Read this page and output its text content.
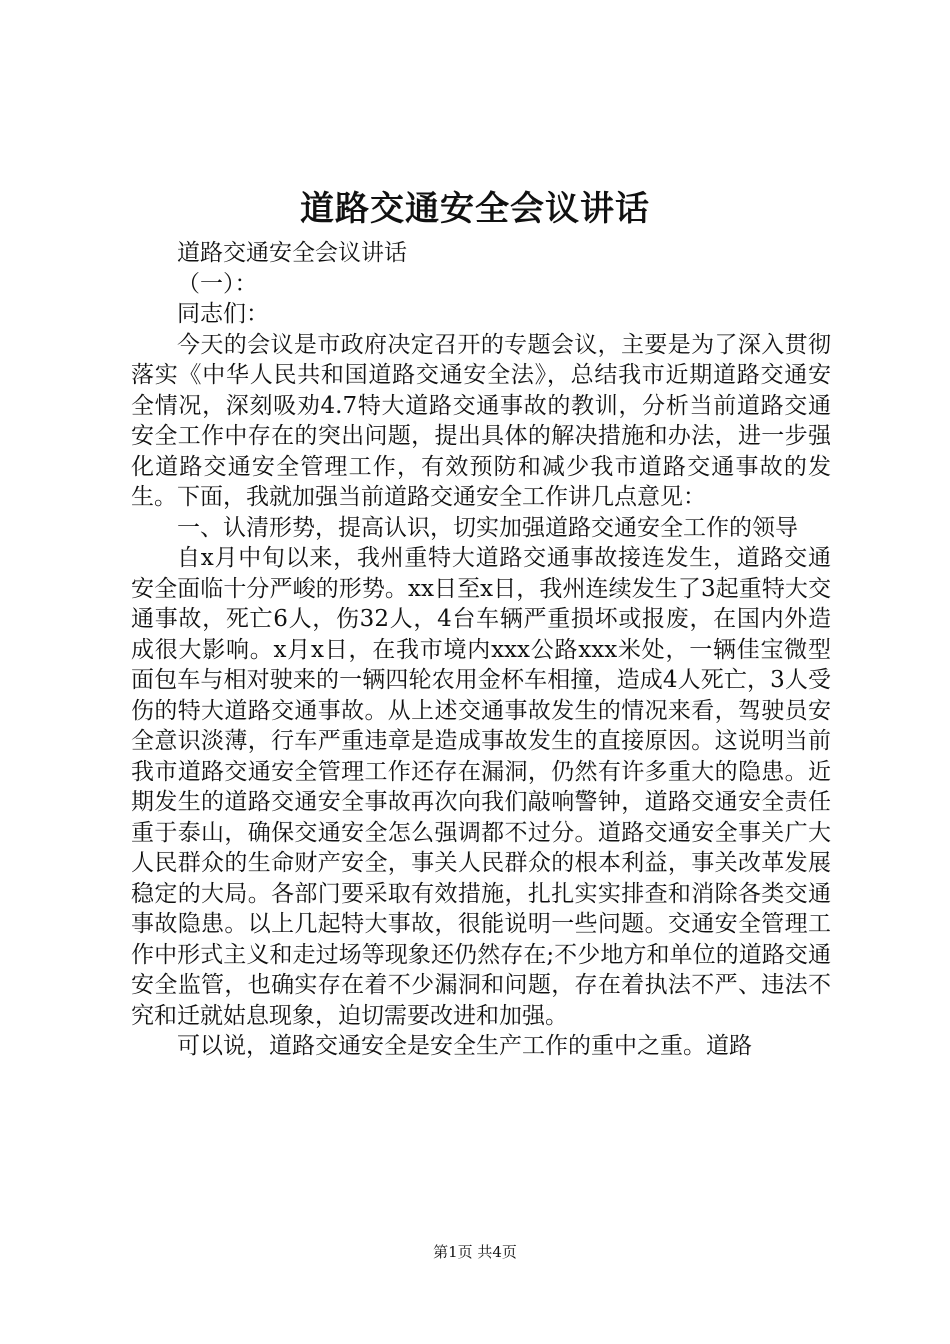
道路交通安全会议讲话

道路交通安全会议讲话

（一）：

同志们：

今天的会议是市政府决定召开的专题会议，主要是为了深入贯彻落实《中华人民共和国道路交通安全法》，总结我市近期道路交通安全情况，深刻吸劝4.7特大道路交通事故的教训，分析当前道路交通安全工作中存在的突出问题，提出具体的解决措施和办法，进一步强化道路交通安全管理工作，有效预防和减少我市道路交通事故的发生。下面，我就加强当前道路交通安全工作讲几点意见：

一、认清形势，提高认识，切实加强道路交通安全工作的领导

自x月中旬以来，我州重特大道路交通事故接连发生，道路交通安全面临十分严峻的形势。xx日至x日，我州连续发生了3起重特大交通事故，死亡6人，伤32人，4台车辆严重损坏或报废，在国内外造成很大影响。x月x日，在我市境内xxx公路xxx米处，一辆佳宝微型面包车与相对驶来的一辆四轮农用金杯车相撞，造成4人死亡，3人受伤的特大道路交通事故。从上述交通事故发生的情况来看，驾驶员安全意识淡薄，行车严重违章是造成事故发生的直接原因。这说明当前我市道路交通安全管理工作还存在漏洞，仍然有许多重大的隐患。近期发生的道路交通安全事故再次向我们敲响警钟，道路交通安全责任重于泰山，确保交通安全怎么强调都不过分。道路交通安全事关广大人民群众的生命财产安全，事关人民群众的根本利益，事关改革发展稳定的大局。各部门要采取有效措施，扎扎实实排查和消除各类交通事故隐患。以上几起特大事故，很能说明一些问题。交通安全管理工作中形式主义和走过场等现象还仍然存在;不少地方和单位的道路交通安全监管，也确实存在着不少漏洞和问题，存在着执法不严、违法不究和迁就姑息现象，迫切需要改进和加强。

可以说，道路交通安全是安全生产工作的重中之重。道路

第1页 共4页
